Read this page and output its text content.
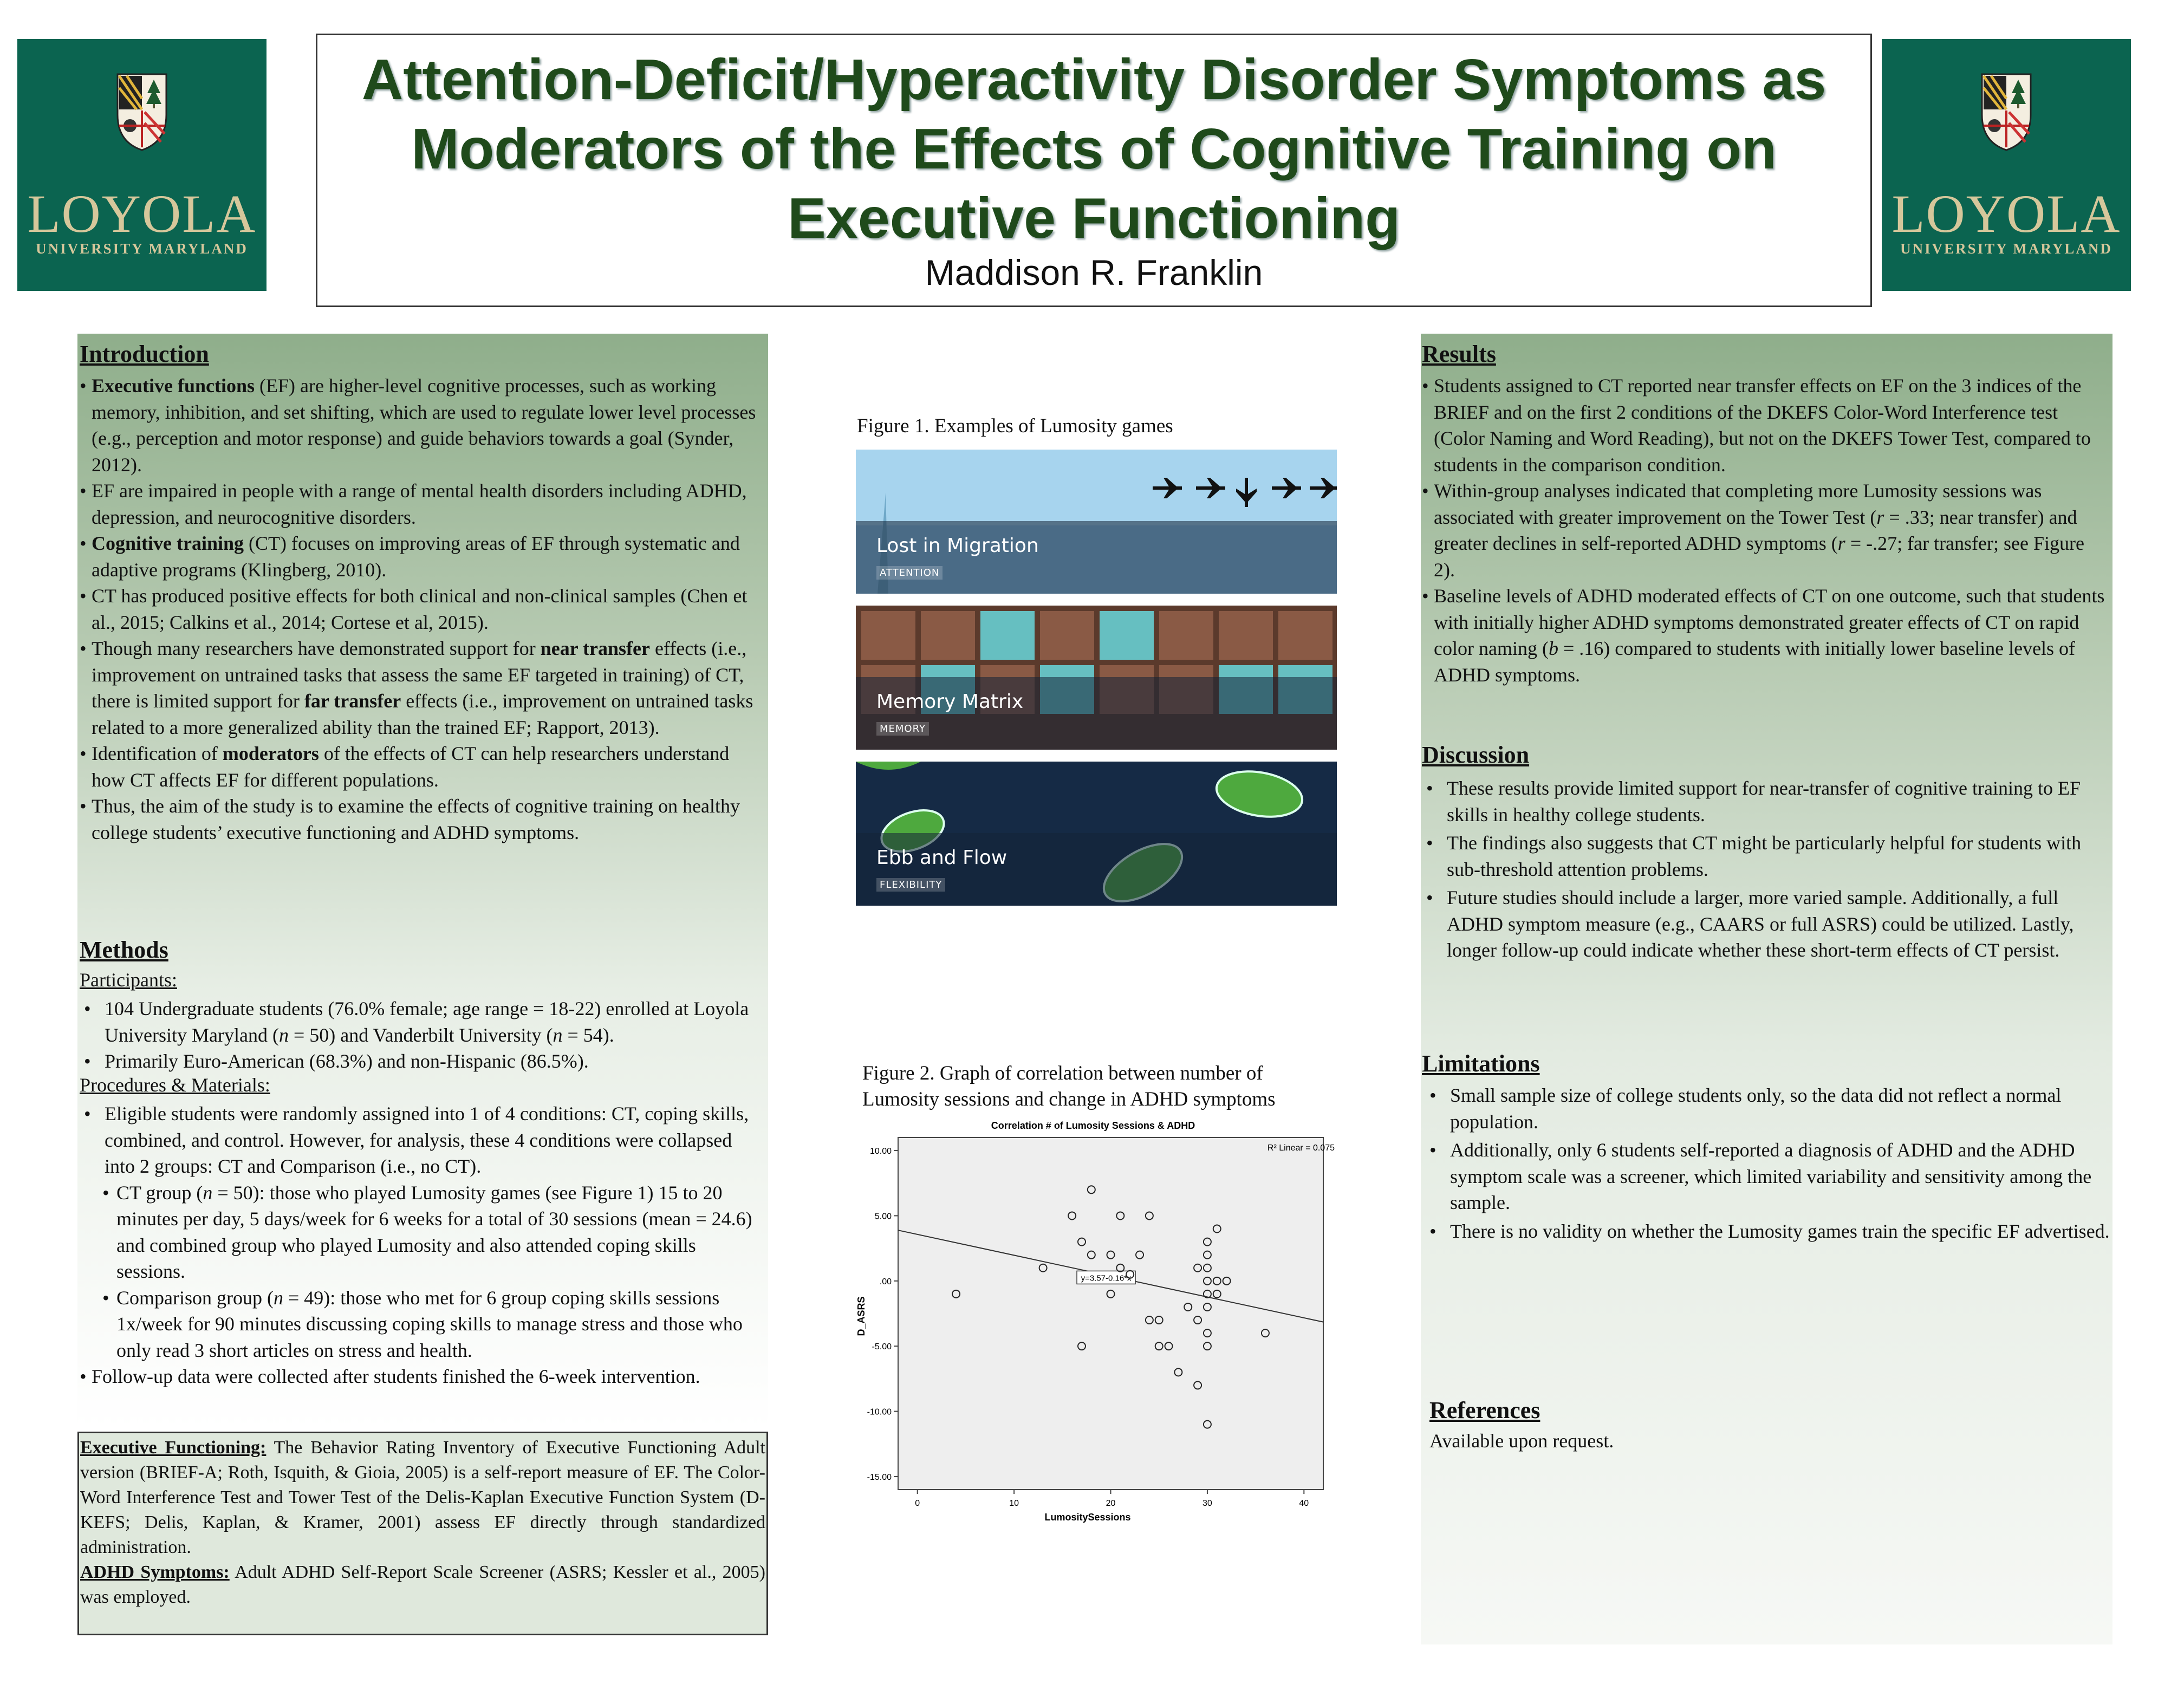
LOYOLA
UNIVERSITY MARYLAND
LOYOLA
UNIVERSITY MARYLAND
Attention-Deficit/Hyperactivity Disorder Symptoms as
Moderators of the Effects of Cognitive Training on
Executive Functioning
Maddison R. Franklin
Introduction
• Executive functions (EF) are higher-level cognitive processes, such as working memory, inhibition, and set shifting, which are used to regulate lower level processes (e.g., perception and motor response) and guide behaviors towards a goal (Synder, 2012).
• EF are impaired in people with a range of mental health disorders including ADHD, depression, and neurocognitive disorders.
• Cognitive training (CT) focuses on improving areas of EF through systematic and adaptive programs (Klingberg, 2010).
• CT has produced positive effects for both clinical and non-clinical samples (Chen et al., 2015; Calkins et al., 2014; Cortese et al, 2015).
• Though many researchers have demonstrated support for near transfer effects (i.e., improvement on untrained tasks that assess the same EF targeted in training) of CT, there is limited support for far transfer effects (i.e., improvement on untrained tasks related to a more generalized ability than the trained EF; Rapport, 2013).
• Identification of moderators of the effects of CT can help researchers understand how CT affects EF for different populations.
• Thus, the aim of the study is to examine the effects of cognitive training on healthy college students’ executive functioning and ADHD symptoms.
Methods
Participants:
• 104 Undergraduate students (76.0% female; age range = 18-22) enrolled at Loyola University Maryland (n = 50) and Vanderbilt University (n = 54).
• Primarily Euro-American (68.3%) and non-Hispanic (86.5%).
Procedures & Materials:
• Eligible students were randomly assigned into 1 of 4 conditions: CT, coping skills, combined, and control. However, for analysis, these 4 conditions were collapsed into 2 groups: CT and Comparison (i.e., no CT).
• CT group (n = 50): those who played Lumosity games (see Figure 1) 15 to 20 minutes per day, 5 days/week for 6 weeks for a total of 30 sessions (mean = 24.6) and combined group who played Lumosity and also attended coping skills sessions.
• Comparison group (n = 49): those who met for 6 group coping skills sessions 1x/week for 90 minutes discussing coping skills to manage stress and those who only read 3 short articles on stress and health.
• Follow-up data were collected after students finished the 6-week intervention.
Executive Functioning: The Behavior Rating Inventory of Executive Functioning Adult version (BRIEF-A; Roth, Isquith, & Gioia, 2005) is a self-report measure of EF. The Color-Word Interference Test and Tower Test of the Delis-Kaplan Executive Function System (D-KEFS; Delis, Kaplan, & Kramer, 2001) assess EF directly through standardized administration.
ADHD Symptoms: Adult ADHD Self-Report Scale Screener (ASRS; Kessler et al., 2005) was employed.
Figure 1. Examples of Lumosity games
Lost in Migration
ATTENTION
Memory Matrix
MEMORY
Ebb and Flow
FLEXIBILITY
Figure 2. Graph of correlation between number of
Lumosity sessions and change in ADHD symptoms
Correlation # of Lumosity Sessions & ADHD
0	10	20	30	40
10.00
5.00
.00
-5.00
-10.00
-15.00
y=3.57-0.16*x
R² Linear = 0.075
LumositySessions
D_ASRS
Results
• Students assigned to CT reported near transfer effects on EF on the 3 indices of the BRIEF and on the first 2 conditions of the DKEFS Color-Word Interference test (Color Naming and Word Reading), but not on the DKEFS Tower Test, compared to students in the comparison condition.
• Within-group analyses indicated that completing more Lumosity sessions was associated with greater improvement on the Tower Test (r = .33; near transfer) and greater declines in self-reported ADHD symptoms (r = -.27; far transfer; see Figure 2).
• Baseline levels of ADHD moderated effects of CT on one outcome, such that students with initially higher ADHD symptoms demonstrated greater effects of CT on rapid color naming (b = .16) compared to students with initially lower baseline levels of ADHD symptoms.
Discussion
• These results provide limited support for near-transfer of cognitive training to EF skills in healthy college students.
• The findings also suggests that CT might be particularly helpful for students with sub-threshold attention problems.
• Future studies should include a larger, more varied sample. Additionally, a full ADHD symptom measure (e.g., CAARS or full ASRS) could be utilized. Lastly, longer follow-up could indicate whether these short-term effects of CT persist.
Limitations
• Small sample size of college students only, so the data did not reflect a normal population.
• Additionally, only 6 students self-reported a diagnosis of ADHD and the ADHD symptom scale was a screener, which limited variability and sensitivity among the sample.
• There is no validity on whether the Lumosity games train the specific EF advertised.
References
Available upon request.
